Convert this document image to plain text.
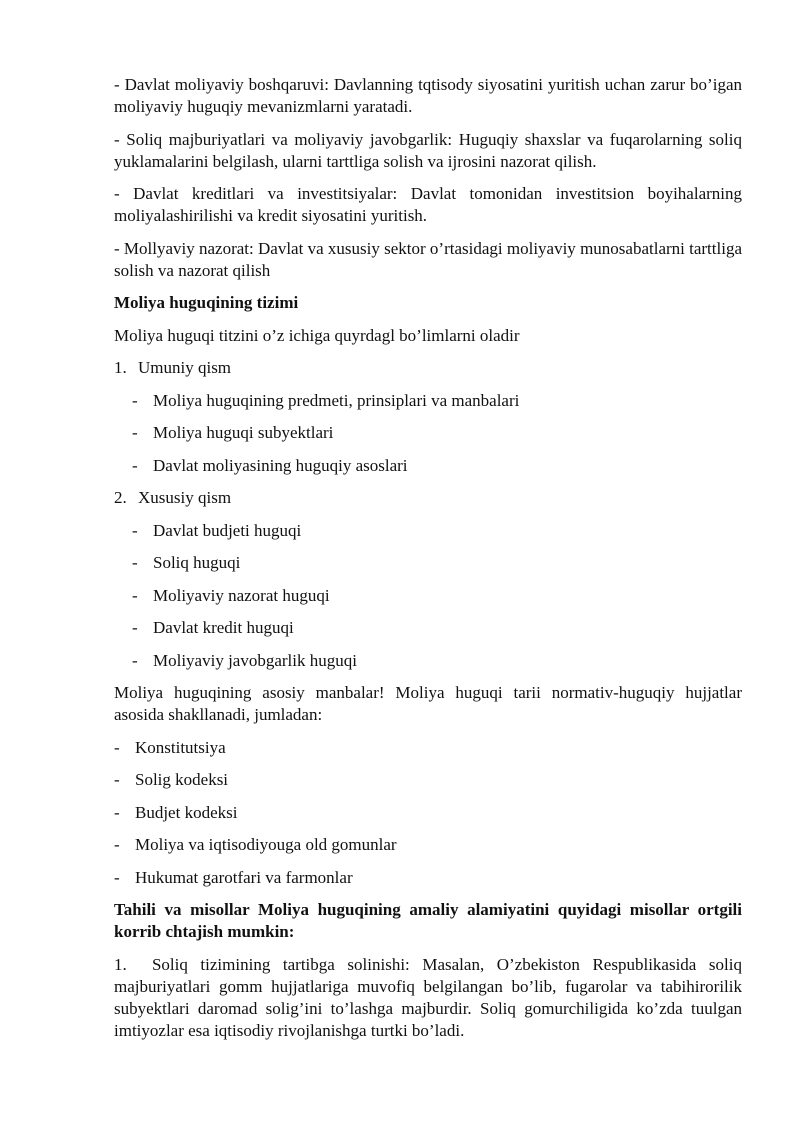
- Davlat moliyaviy boshqaruvi: Davlanning tqtisody siyosatini yuritish uchan zarur bo’igan moliyaviy huguqiy mevanizmlarni yaratadi.

- Soliq majburiyatlari va moliyaviy javobgarlik: Huguqiy shaxslar va fuqarolarning soliq yuklamalarini belgilash, ularni tarttliga solish va ijrosini nazorat qilish.

- Davlat kreditlari va investitsiyalar: Davlat tomonidan investitsion boyihalarning moliyalashirilishi va kredit siyosatini yuritish.

- Mollyaviy nazorat: Davlat va xususiy sektor o’rtasidagi moliyaviy munosabatlarni tarttliga solish va nazorat qilish

Moliya huguqining tizimi

Moliya huguqi titzini o’z ichiga quyrdagl bo’limlarni oladir

1. Umuniy qism
- Moliya huguqining predmeti, prinsiplari va manbalari
- Moliya huguqi subyektlari
- Davlat moliyasining huguqiy asoslari
2. Xususiy qism
- Davlat budjeti huguqi
- Soliq huguqi
- Moliyaviy nazorat huguqi
- Davlat kredit huguqi
- Moliyaviy javobgarlik huguqi

Moliya huguqining asosiy manbalar! Moliya huguqi tarii normativ-huguqiy hujjatlar asosida shakllanadi, jumladan:

- Konstitutsiya
- Solig kodeksi
- Budjet kodeksi
- Moliya va iqtisodiyouga old gomunlar
- Hukumat garotfari va farmonlar

Tahili va misollar Moliya huguqining amaliy alamiyatini quyidagi misollar ortgili korrib chtajish mumkin:

1. Soliq tizimining tartibga solinishi: Masalan, O’zbekiston Respublikasida soliq majburiyatlari gomm hujjatlariga muvofiq belgilangan bo’lib, fugarolar va tabihirorilik subyektlari daromad solig’ini to’lashga majburdir. Soliq gomurchiligida ko’zda tuulgan imtiyozlar esa iqtisodiy rivojlanishga turtki bo’ladi.
